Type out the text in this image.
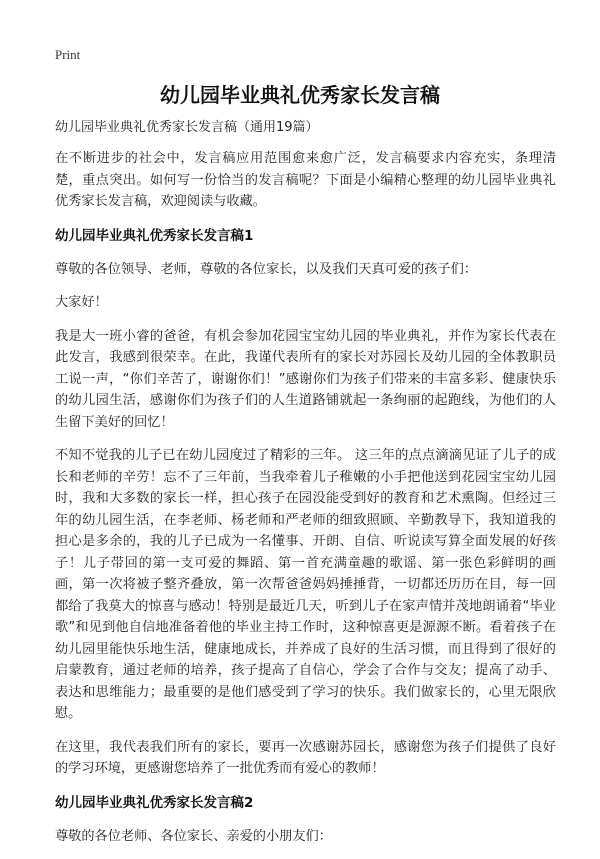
Print
幼儿园毕业典礼优秀家长发言稿
幼儿园毕业典礼优秀家长发言稿（通用19篇）

在不断进步的社会中，发言稿应用范围愈来愈广泛，发言稿要求内容充实，条理清楚，重点突出。如何写一份恰当的发言稿呢？下面是小编精心整理的幼儿园毕业典礼优秀家长发言稿，欢迎阅读与收藏。

幼儿园毕业典礼优秀家长发言稿1

尊敬的各位领导、老师，尊敬的各位家长，以及我们天真可爱的孩子们：

大家好！

我是大一班小睿的爸爸，有机会参加花园宝宝幼儿园的毕业典礼，并作为家长代表在此发言，我感到很荣幸。在此，我谨代表所有的家长对苏园长及幼儿园的全体教职员工说一声，“你们辛苦了，谢谢你们！”感谢你们为孩子们带来的丰富多彩、健康快乐的幼儿园生活，感谢你们为孩子们的人生道路铺就起一条绚丽的起跑线，为他们的人生留下美好的回忆！

不知不觉我的儿子已在幼儿园度过了精彩的三年。 这三年的点点滴滴见证了儿子的成长和老师的辛劳！忘不了三年前，当我牵着儿子稚嫩的小手把他送到花园宝宝幼儿园时，我和大多数的家长一样，担心孩子在园没能受到好的教育和艺术熏陶。但经过三年的幼儿园生活，在李老师、杨老师和严老师的细致照顾、辛勤教导下，我知道我的担心是多余的，我的儿子已成为一名懂事、开朗、自信、听说读写算全面发展的好孩子！儿子带回的第一支可爱的舞蹈、第一首充满童趣的歌谣、第一张色彩鲜明的画画，第一次将被子整齐叠放，第一次帮爸爸妈妈捶捶背，一切都还历历在目，每一回都给了我莫大的惊喜与感动！特别是最近几天，听到儿子在家声情并茂地朗诵着“毕业歌”和见到他自信地准备着他的毕业主持工作时，这种惊喜更是源源不断。看着孩子在幼儿园里能快乐地生活，健康地成长，并养成了良好的生活习惯，而且得到了很好的启蒙教育，通过老师的培养，孩子提高了自信心，学会了合作与交友；提高了动手、表达和思维能力；最重要的是他们感受到了学习的快乐。我们做家长的，心里无限欣慰。

在这里，我代表我们所有的家长，要再一次感谢苏园长，感谢您为孩子们提供了良好的学习环境，更感谢您培养了一批优秀而有爱心的教师！

幼儿园毕业典礼优秀家长发言稿2

尊敬的各位老师、各位家长、亲爱的小朋友们：
